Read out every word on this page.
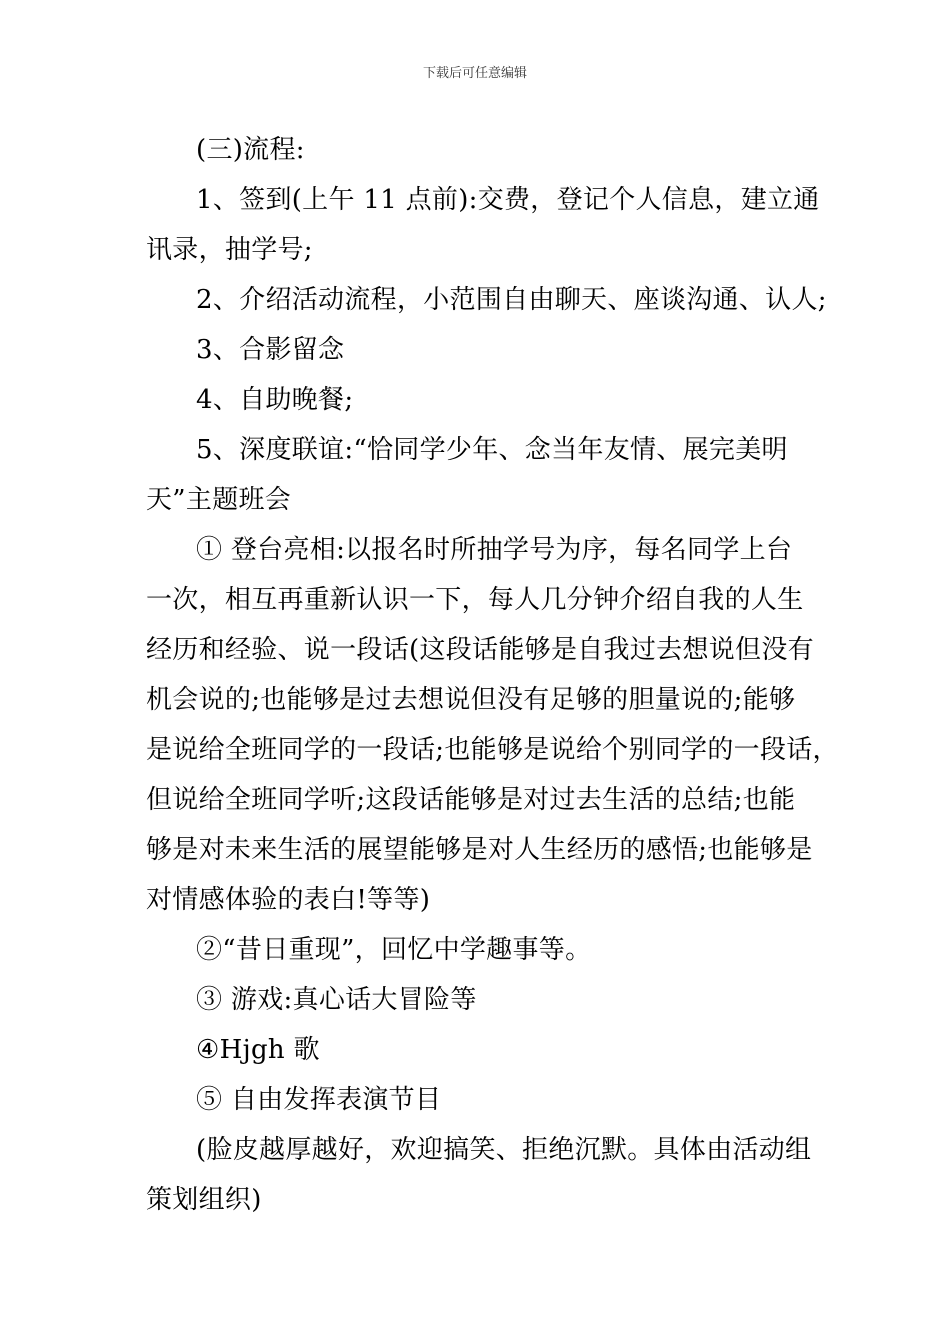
下载后可任意编辑
(三)流程:
1、签到(上午 11 点前):交费，登记个人信息，建立通
讯录，抽学号;
2、介绍活动流程，小范围自由聊天、座谈沟通、认人;
3、合影留念
4、自助晚餐;
5、深度联谊:“恰同学少年、念当年友情、展完美明
天”主题班会
① 登台亮相:以报名时所抽学号为序，每名同学上台
一次，相互再重新认识一下，每人几分钟介绍自我的人生
经历和经验、说一段话(这段话能够是自我过去想说但没有
机会说的;也能够是过去想说但没有足够的胆量说的;能够
是说给全班同学的一段话;也能够是说给个别同学的一段话，
但说给全班同学听;这段话能够是对过去生活的总结;也能
够是对未来生活的展望能够是对人生经历的感悟;也能够是
对情感体验的表白!等等)
②“昔日重现”，回忆中学趣事等。
③ 游戏:真心话大冒险等
④Hjgh 歌
⑤ 自由发挥表演节目
(脸皮越厚越好，欢迎搞笑、拒绝沉默。具体由活动组
策划组织)
